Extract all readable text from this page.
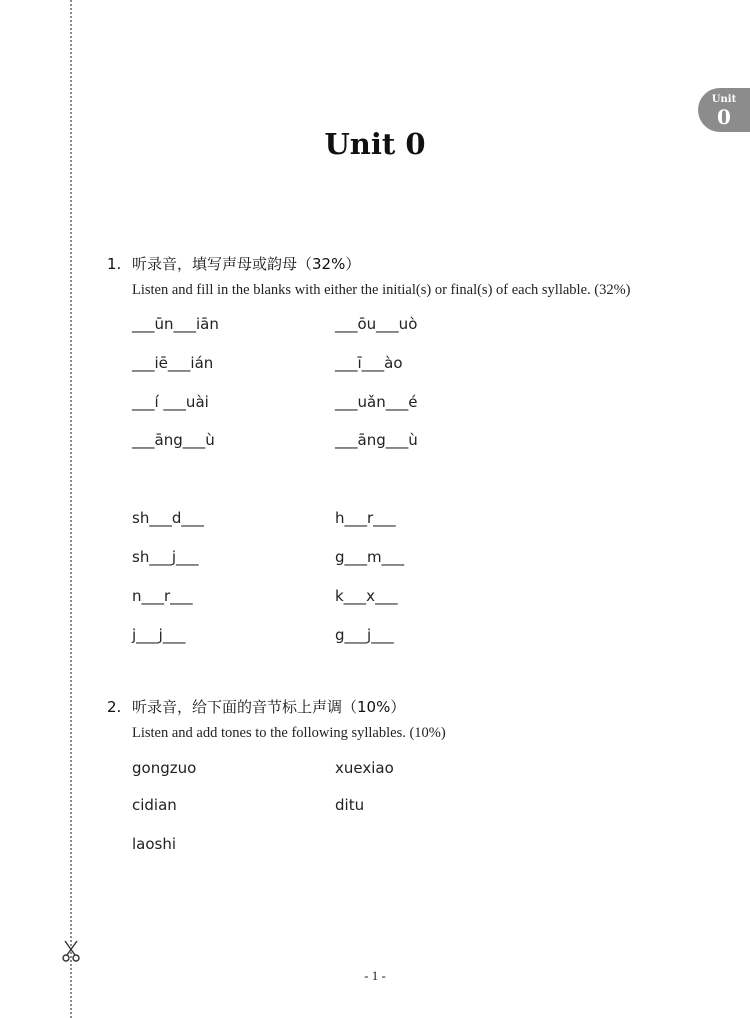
Unit
0
Unit 0
1. 听录音，填写声母或韵母（32%）
Listen and fill in the blanks with either the initial(s) or final(s) of each syllable. (32%)
___ūn___iān
___iē___ián
___í ___uài
___āng___ù
sh___d___
sh___j___
n___r___
j___j___
___ōu___uò
___ī___ào
___uǎn___é
___āng___ù
h___r___
g___m___
k___x___
g___j___
2. 听录音，给下面的音节标上声调（10%）
Listen and add tones to the following syllables. (10%)
gongzuo	xuexiao
cidian	ditu
laoshi
- 1 -
